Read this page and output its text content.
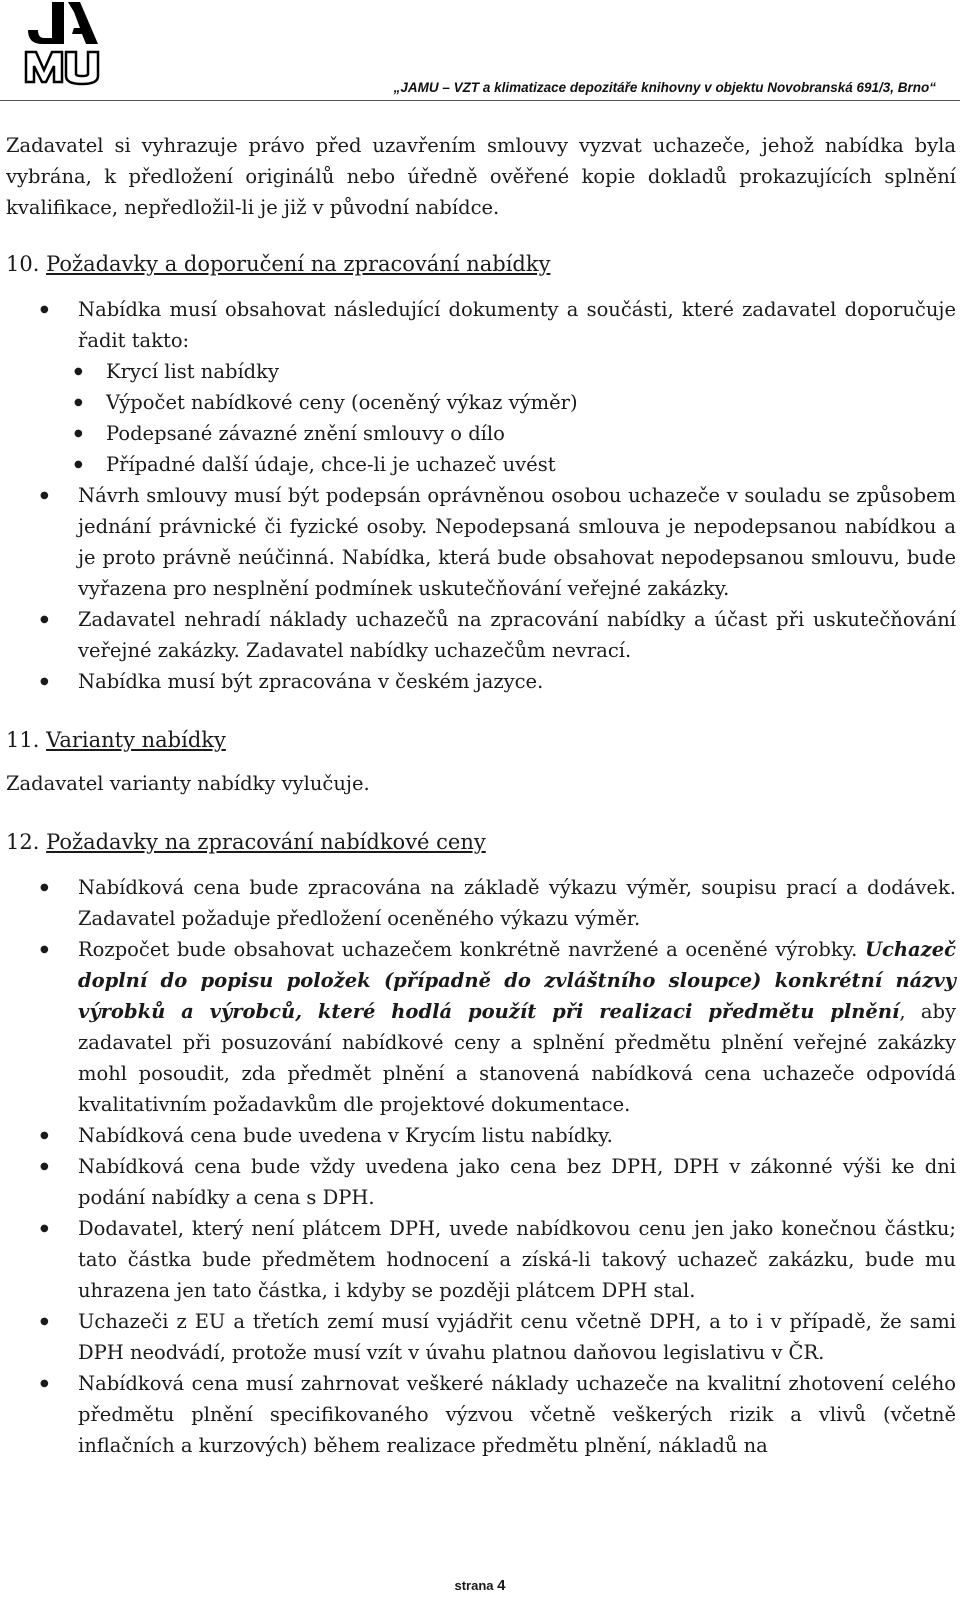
„JAMU – VZT a klimatizace depozitáře knihovny v objektu Novobranská 691/3, Brno“

Zadavatel si vyhrazuje právo před uzavřením smlouvy vyzvat uchazeče, jehož nabídka byla vybrána, k předložení originálů nebo úředně ověřené kopie dokladů prokazujících splnění kvalifikace, nepředložil-li je již v původní nabídce.

10. Požadavky a doporučení na zpracování nabídky
● Nabídka musí obsahovat následující dokumenty a součásti, které zadavatel doporučuje řadit takto:
● Krycí list nabídky
● Výpočet nabídkové ceny (oceněný výkaz výměr)
● Podepsané závazné znění smlouvy o dílo
● Případné další údaje, chce-li je uchazeč uvést
● Návrh smlouvy musí být podepsán oprávněnou osobou uchazeče v souladu se způsobem jednání právnické či fyzické osoby. Nepodepsaná smlouva je nepodepsanou nabídkou a je proto právně neúčinná. Nabídka, která bude obsahovat nepodepsanou smlouvu, bude vyřazena pro nesplnění podmínek uskutečňování veřejné zakázky.
● Zadavatel nehradí náklady uchazečů na zpracování nabídky a účast při uskutečňování veřejné zakázky. Zadavatel nabídky uchazečům nevrací.
● Nabídka musí být zpracována v českém jazyce.
11. Varianty nabídky

Zadavatel varianty nabídky vylučuje.

12. Požadavky na zpracování nabídkové ceny
● Nabídková cena bude zpracována na základě výkazu výměr, soupisu prací a dodávek. Zadavatel požaduje předložení oceněného výkazu výměr.
● Rozpočet bude obsahovat uchazečem konkrétně navržené a oceněné výrobky. Uchazeč doplní do popisu položek (případně do zvláštního sloupce) konkrétní názvy výrobků a výrobců, které hodlá použít při realizaci předmětu plnění, aby zadavatel při posuzování nabídkové ceny a splnění předmětu plnění veřejné zakázky mohl posoudit, zda předmět plnění a stanovená nabídková cena uchazeče odpovídá kvalitativním požadavkům dle projektové dokumentace.
● Nabídková cena bude uvedena v Krycím listu nabídky.
● Nabídková cena bude vždy uvedena jako cena bez DPH, DPH v zákonné výši ke dni podání nabídky a cena s DPH.
● Dodavatel, který není plátcem DPH, uvede nabídkovou cenu jen jako konečnou částku; tato částka bude předmětem hodnocení a získá-li takový uchazeč zakázku, bude mu uhrazena jen tato částka, i kdyby se později plátcem DPH stal.
● Uchazeči z EU a třetích zemí musí vyjádřit cenu včetně DPH, a to i v případě, že sami DPH neodvádí, protože musí vzít v úvahu platnou daňovou legislativu v ČR.
● Nabídková cena musí zahrnovat veškeré náklady uchazeče na kvalitní zhotovení celého předmětu plnění specifikovaného výzvou včetně veškerých rizik a vlivů (včetně inflačních a kurzových) během realizace předmětu plnění, nákladů na
strana 4
